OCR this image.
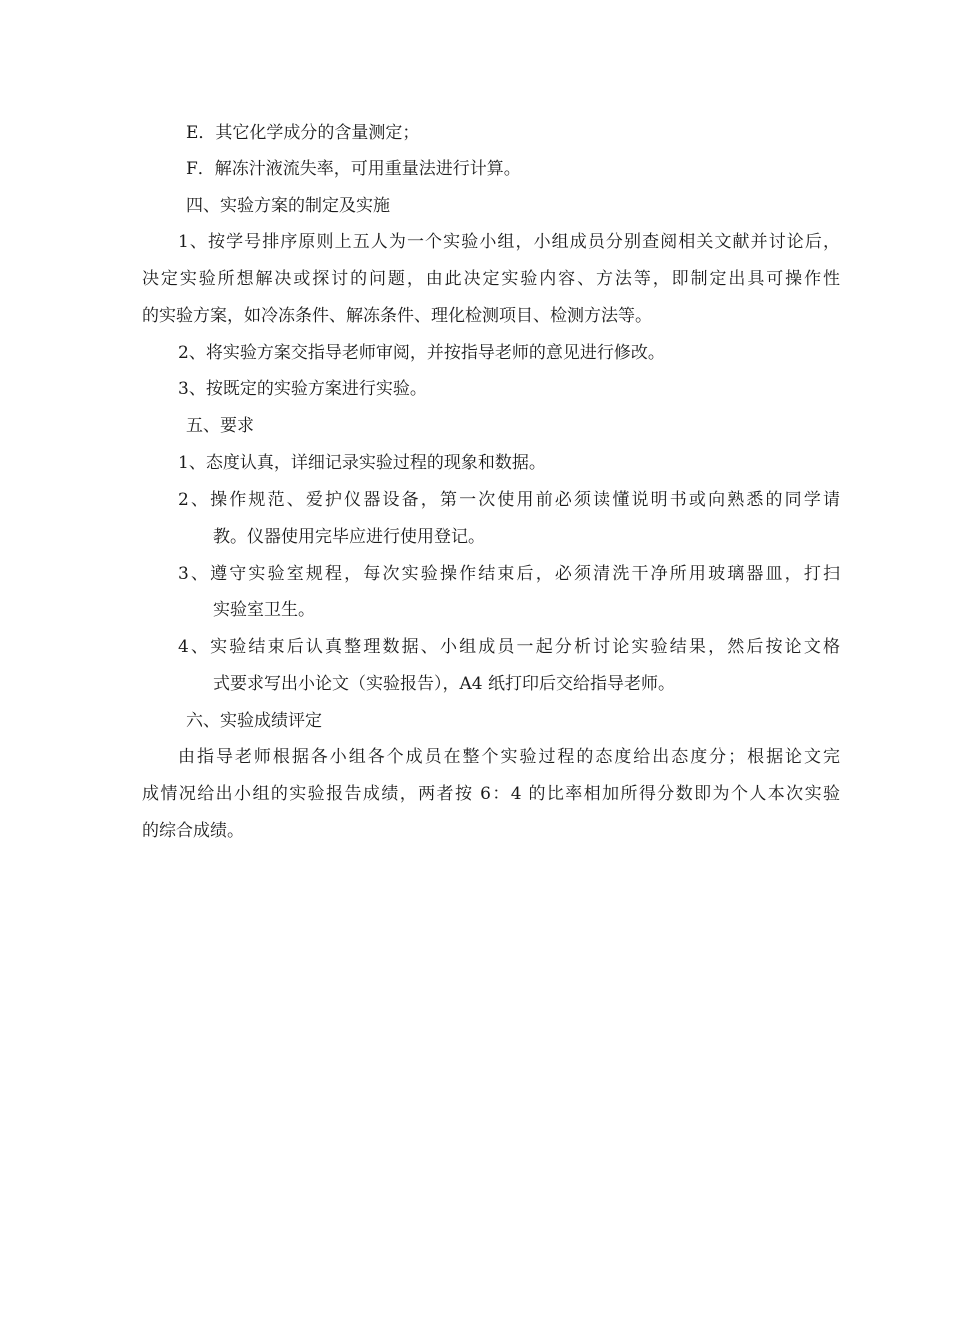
E．其它化学成分的含量测定；
F．解冻汁液流失率，可用重量法进行计算。
四、实验方案的制定及实施
1、按学号排序原则上五人为一个实验小组，小组成员分别查阅相关文献并讨论后，
决定实验所想解决或探讨的问题，由此决定实验内容、方法等，即制定出具可操作性
的实验方案，如冷冻条件、解冻条件、理化检测项目、检测方法等。
2、将实验方案交指导老师审阅，并按指导老师的意见进行修改。
3、按既定的实验方案进行实验。
五、要求
1、态度认真，详细记录实验过程的现象和数据。
2、操作规范、爱护仪器设备，第一次使用前必须读懂说明书或向熟悉的同学请
教。仪器使用完毕应进行使用登记。
3、遵守实验室规程，每次实验操作结束后，必须清洗干净所用玻璃器皿，打扫
实验室卫生。
4、实验结束后认真整理数据、小组成员一起分析讨论实验结果，然后按论文格
式要求写出小论文（实验报告），A4 纸打印后交给指导老师。
六、实验成绩评定
由指导老师根据各小组各个成员在整个实验过程的态度给出态度分；根据论文完
成情况给出小组的实验报告成绩，两者按 6：4 的比率相加所得分数即为个人本次实验
的综合成绩。
